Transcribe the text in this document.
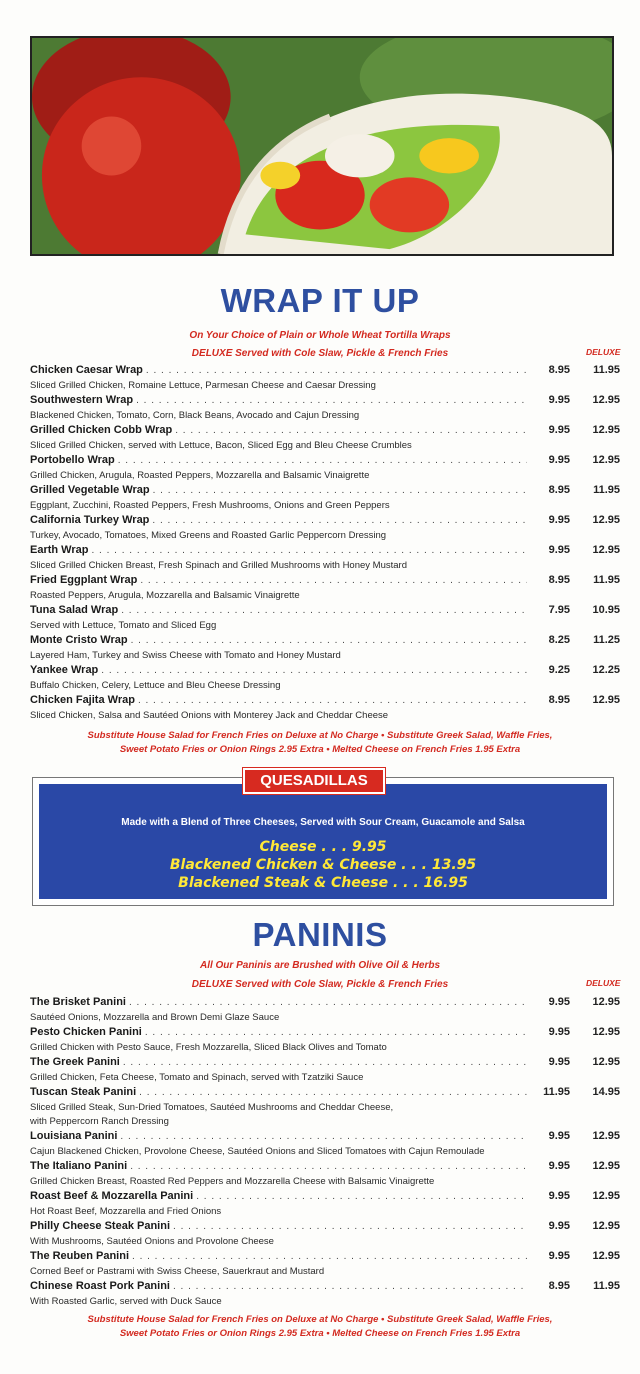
WRAP IT UP
On Your Choice of Plain or Whole Wheat Tortilla Wraps
DELUXE Served with Cole Slaw, Pickle & French Fries	DELUXE
Chicken Caesar Wrap . . .	8.95	11.95
Sliced Grilled Chicken, Romaine Lettuce, Parmesan Cheese and Caesar Dressing
Southwestern Wrap . . .	9.95	12.95
Blackened Chicken, Tomato, Corn, Black Beans, Avocado and Cajun Dressing
Grilled Chicken Cobb Wrap . . .	9.95	12.95
Sliced Grilled Chicken, served with Lettuce, Bacon, Sliced Egg and Bleu Cheese Crumbles
Portobello Wrap . . .	9.95	12.95
Grilled Chicken, Arugula, Roasted Peppers, Mozzarella and Balsamic Vinaigrette
Grilled Vegetable Wrap . . .	8.95	11.95
Eggplant, Zucchini, Roasted Peppers, Fresh Mushrooms, Onions and Green Peppers
California Turkey Wrap . . .	9.95	12.95
Turkey, Avocado, Tomatoes, Mixed Greens and Roasted Garlic Peppercorn Dressing
Earth Wrap . . .	9.95	12.95
Sliced Grilled Chicken Breast, Fresh Spinach and Grilled Mushrooms with Honey Mustard
Fried Eggplant Wrap . . .	8.95	11.95
Roasted Peppers, Arugula, Mozzarella and Balsamic Vinaigrette
Tuna Salad Wrap . . .	7.95	10.95
Served with Lettuce, Tomato and Sliced Egg
Monte Cristo Wrap . . .	8.25	11.25
Layered Ham, Turkey and Swiss Cheese with Tomato and Honey Mustard
Yankee Wrap . . .	9.25	12.25
Buffalo Chicken, Celery, Lettuce and Bleu Cheese Dressing
Chicken Fajita Wrap . . .	8.95	12.95
Sliced Chicken, Salsa and Sautéed Onions with Monterey Jack and Cheddar Cheese
Substitute House Salad for French Fries on Deluxe at No Charge • Substitute Greek Salad, Waffle Fries,
Sweet Potato Fries or Onion Rings 2.95 Extra • Melted Cheese on French Fries 1.95 Extra
Made with a Blend of Three Cheeses, Served with Sour Cream, Guacamole and Salsa
Cheese . . . 9.95
Blackened Chicken & Cheese . . . 13.95
Blackened Steak & Cheese . . . 16.95
QUESADILLAS
PANINIS
All Our Paninis are Brushed with Olive Oil & Herbs
DELUXE Served with Cole Slaw, Pickle & French Fries	DELUXE
The Brisket Panini . . .	9.95	12.95
Sautéed Onions, Mozzarella and Brown Demi Glaze Sauce
Pesto Chicken Panini . . .	9.95	12.95
Grilled Chicken with Pesto Sauce, Fresh Mozzarella, Sliced Black Olives and Tomato
The Greek Panini . . .	9.95	12.95
Grilled Chicken, Feta Cheese, Tomato and Spinach, served with Tzatziki Sauce
Tuscan Steak Panini . . .	11.95	14.95
Sliced Grilled Steak, Sun-Dried Tomatoes, Sautéed Mushrooms and Cheddar Cheese,
with Peppercorn Ranch Dressing
Louisiana Panini . . .	9.95	12.95
Cajun Blackened Chicken, Provolone Cheese, Sautéed Onions and Sliced Tomatoes with Cajun Remoulade
The Italiano Panini . . .	9.95	12.95
Grilled Chicken Breast, Roasted Red Peppers and Mozzarella Cheese with Balsamic Vinaigrette
Roast Beef & Mozzarella Panini . . .	9.95	12.95
Hot Roast Beef, Mozzarella and Fried Onions
Philly Cheese Steak Panini . . .	9.95	12.95
With Mushrooms, Sautéed Onions and Provolone Cheese
The Reuben Panini . . .	9.95	12.95
Corned Beef or Pastrami with Swiss Cheese, Sauerkraut and Mustard
Chinese Roast Pork Panini . . .	8.95	11.95
With Roasted Garlic, served with Duck Sauce
Substitute House Salad for French Fries on Deluxe at No Charge • Substitute Greek Salad, Waffle Fries,
Sweet Potato Fries or Onion Rings 2.95 Extra • Melted Cheese on French Fries 1.95 Extra
